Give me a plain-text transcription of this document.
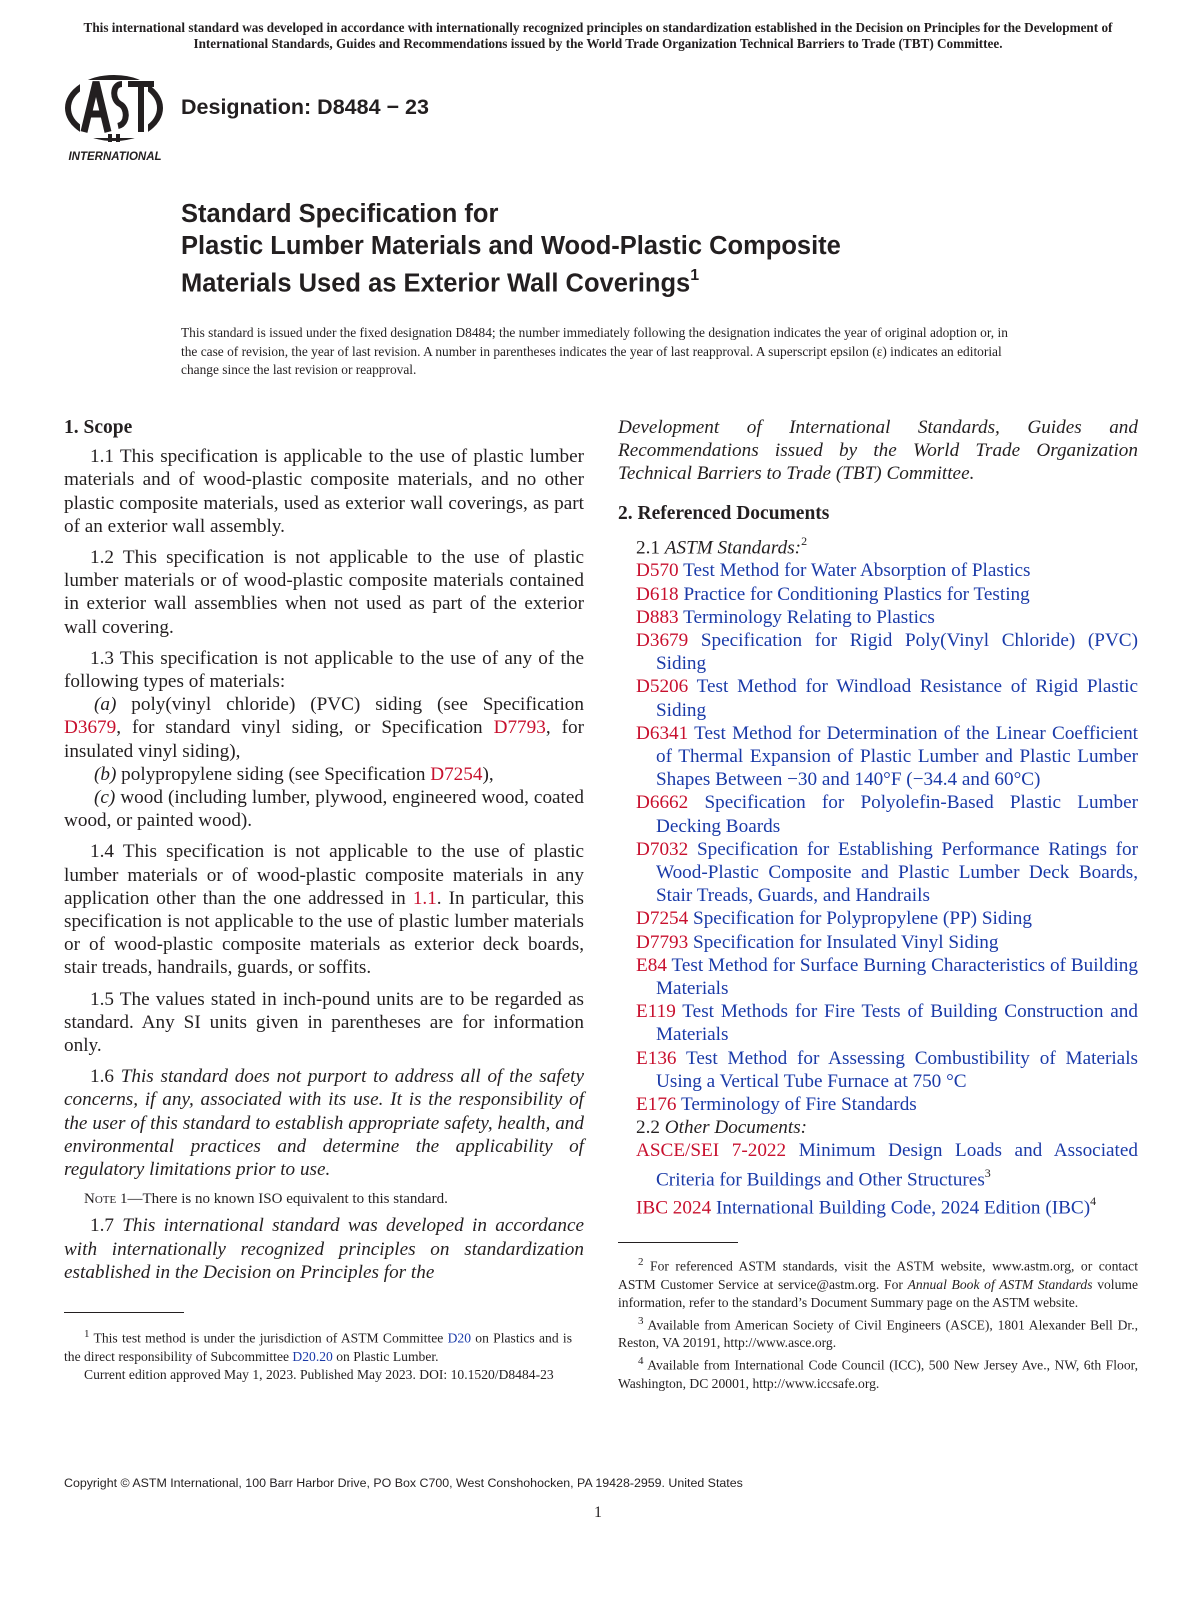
This international standard was developed in accordance with internationally recognized principles on standardization established in the Decision on Principles for the Development of International Standards, Guides and Recommendations issued by the World Trade Organization Technical Barriers to Trade (TBT) Committee.
INTERNATIONAL
Designation: D8484 − 23
Standard Specification for
Plastic Lumber Materials and Wood-Plastic Composite
Materials Used as Exterior Wall Coverings$^1$
This standard is issued under the fixed designation D8484; the number immediately following the designation indicates the year of original adoption or, in the case of revision, the year of last revision. A number in parentheses indicates the year of last reapproval. A superscript epsilon (ε) indicates an editorial change since the last revision or reapproval.

1. Scope

1.1 This specification is applicable to the use of plastic lumber materials and of wood-plastic composite materials, and no other plastic composite materials, used as exterior wall coverings, as part of an exterior wall assembly.

1.2 This specification is not applicable to the use of plastic lumber materials or of wood-plastic composite materials contained in exterior wall assemblies when not used as part of the exterior wall covering.

1.3 This specification is not applicable to the use of any of the following types of materials:

(a) poly(vinyl chloride) (PVC) siding (see Specification D3679, for standard vinyl siding, or Specification D7793, for insulated vinyl siding),

(b) polypropylene siding (see Specification D7254),

(c) wood (including lumber, plywood, engineered wood, coated wood, or painted wood).

1.4 This specification is not applicable to the use of plastic lumber materials or of wood-plastic composite materials in any application other than the one addressed in 1.1. In particular, this specification is not applicable to the use of plastic lumber materials or of wood-plastic composite materials as exterior deck boards, stair treads, handrails, guards, or soffits.

1.5 The values stated in inch-pound units are to be regarded as standard. Any SI units given in parentheses are for information only.

1.6 This standard does not purport to address all of the safety concerns, if any, associated with its use. It is the responsibility of the user of this standard to establish appropriate safety, health, and environmental practices and determine the applicability of regulatory limitations prior to use.

Note 1—There is no known ISO equivalent to this standard.

1.7 This international standard was developed in accordance with internationally recognized principles on standardization established in the Decision on Principles for the

$^1$ This test method is under the jurisdiction of ASTM Committee D20 on Plastics and is the direct responsibility of Subcommittee D20.20 on Plastic Lumber.

Current edition approved May 1, 2023. Published May 2023. DOI: 10.1520/D8484-23

Development of International Standards, Guides and Recommendations issued by the World Trade Organization Technical Barriers to Trade (TBT) Committee.

2. Referenced Documents

2.1 ASTM Standards:$^2$

D570 Test Method for Water Absorption of Plastics

D618 Practice for Conditioning Plastics for Testing

D883 Terminology Relating to Plastics

D3679 Specification for Rigid Poly(Vinyl Chloride) (PVC) Siding

D5206 Test Method for Windload Resistance of Rigid Plastic Siding

D6341 Test Method for Determination of the Linear Coefficient of Thermal Expansion of Plastic Lumber and Plastic Lumber Shapes Between −30 and 140°F (−34.4 and 60°C)

D6662 Specification for Polyolefin-Based Plastic Lumber Decking Boards

D7032 Specification for Establishing Performance Ratings for Wood-Plastic Composite and Plastic Lumber Deck Boards, Stair Treads, Guards, and Handrails

D7254 Specification for Polypropylene (PP) Siding

D7793 Specification for Insulated Vinyl Siding

E84 Test Method for Surface Burning Characteristics of Building Materials

E119 Test Methods for Fire Tests of Building Construction and Materials

E136 Test Method for Assessing Combustibility of Materials Using a Vertical Tube Furnace at 750 °C

E176 Terminology of Fire Standards

2.2 Other Documents:

ASCE/SEI 7-2022 Minimum Design Loads and Associated Criteria for Buildings and Other Structures$^3$

IBC 2024 International Building Code, 2024 Edition (IBC)$^4$

$^2$ For referenced ASTM standards, visit the ASTM website, www.astm.org, or contact ASTM Customer Service at service@astm.org. For Annual Book of ASTM Standards volume information, refer to the standard’s Document Summary page on the ASTM website.

$^3$ Available from American Society of Civil Engineers (ASCE), 1801 Alexander Bell Dr., Reston, VA 20191, http://www.asce.org.

$^4$ Available from International Code Council (ICC), 500 New Jersey Ave., NW, 6th Floor, Washington, DC 20001, http://www.iccsafe.org.

Copyright © ASTM International, 100 Barr Harbor Drive, PO Box C700, West Conshohocken, PA 19428-2959. United States
1
